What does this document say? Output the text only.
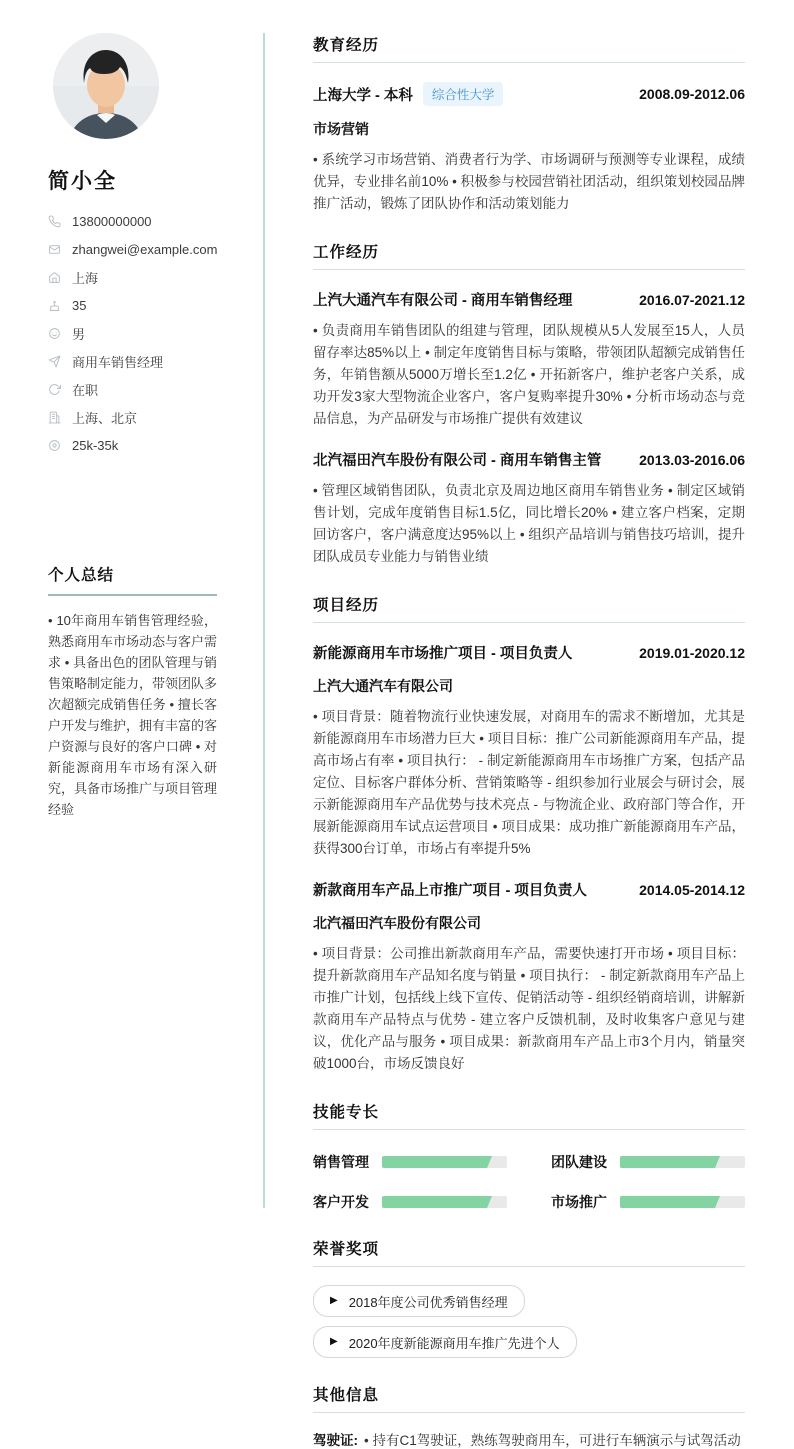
简小全
13800000000
zhangwei@example.com
上海
35
男
商用车销售经理
在职
上海、北京
25k-35k
个人总结

• 10年商用车销售管理经验，熟悉商用车市场动态与客户需求 • 具备出色的团队管理与销售策略制定能力，带领团队多次超额完成销售任务 • 擅长客户开发与维护，拥有丰富的客户资源与良好的客户口碑 • 对新能源商用车市场有深入研究，具备市场推广与项目管理经验

教育经历
上海大学 - 本科	综合性大学	2008.09-2012.06
市场营销

• 系统学习市场营销、消费者行为学、市场调研与预测等专业课程，成绩优异，专业排名前10% • 积极参与校园营销社团活动，组织策划校园品牌推广活动，锻炼了团队协作和活动策划能力

工作经历
上汽大通汽车有限公司 - 商用车销售经理	2016.07-2021.12

• 负责商用车销售团队的组建与管理，团队规模从5人发展至15人，人员留存率达85%以上 • 制定年度销售目标与策略，带领团队超额完成销售任务，年销售额从5000万增长至1.2亿 • 开拓新客户，维护老客户关系，成功开发3家大型物流企业客户，客户复购率提升30% • 分析市场动态与竞品信息，为产品研发与市场推广提供有效建议

北汽福田汽车股份有限公司 - 商用车销售主管	2013.03-2016.06

• 管理区域销售团队，负责北京及周边地区商用车销售业务 • 制定区域销售计划，完成年度销售目标1.5亿，同比增长20% • 建立客户档案，定期回访客户，客户满意度达95%以上 • 组织产品培训与销售技巧培训，提升团队成员专业能力与销售业绩

项目经历
新能源商用车市场推广项目 - 项目负责人	2019.01-2020.12
上汽大通汽车有限公司

• 项目背景：随着物流行业快速发展，对商用车的需求不断增加，尤其是新能源商用车市场潜力巨大 • 项目目标：推广公司新能源商用车产品，提高市场占有率 • 项目执行： - 制定新能源商用车市场推广方案，包括产品定位、目标客户群体分析、营销策略等 - 组织参加行业展会与研讨会，展示新能源商用车产品优势与技术亮点 - 与物流企业、政府部门等合作，开展新能源商用车试点运营项目 • 项目成果：成功推广新能源商用车产品，获得300台订单，市场占有率提升5%

新款商用车产品上市推广项目 - 项目负责人	2014.05-2014.12
北汽福田汽车股份有限公司

• 项目背景：公司推出新款商用车产品，需要快速打开市场 • 项目目标：提升新款商用车产品知名度与销量 • 项目执行： - 制定新款商用车产品上市推广计划，包括线上线下宣传、促销活动等 - 组织经销商培训，讲解新款商用车产品特点与优势 - 建立客户反馈机制，及时收集客户意见与建议，优化产品与服务 • 项目成果：新款商用车产品上市3个月内，销量突破1000台，市场反馈良好

技能专长
销售管理	团队建设
客户开发	市场推广
荣誉奖项
▶ 2018年度公司优秀销售经理
▶ 2020年度新能源商用车推广先进个人
其他信息

驾驶证: • 持有C1驾驶证，熟练驾驶商用车，可进行车辆演示与试驾活动
